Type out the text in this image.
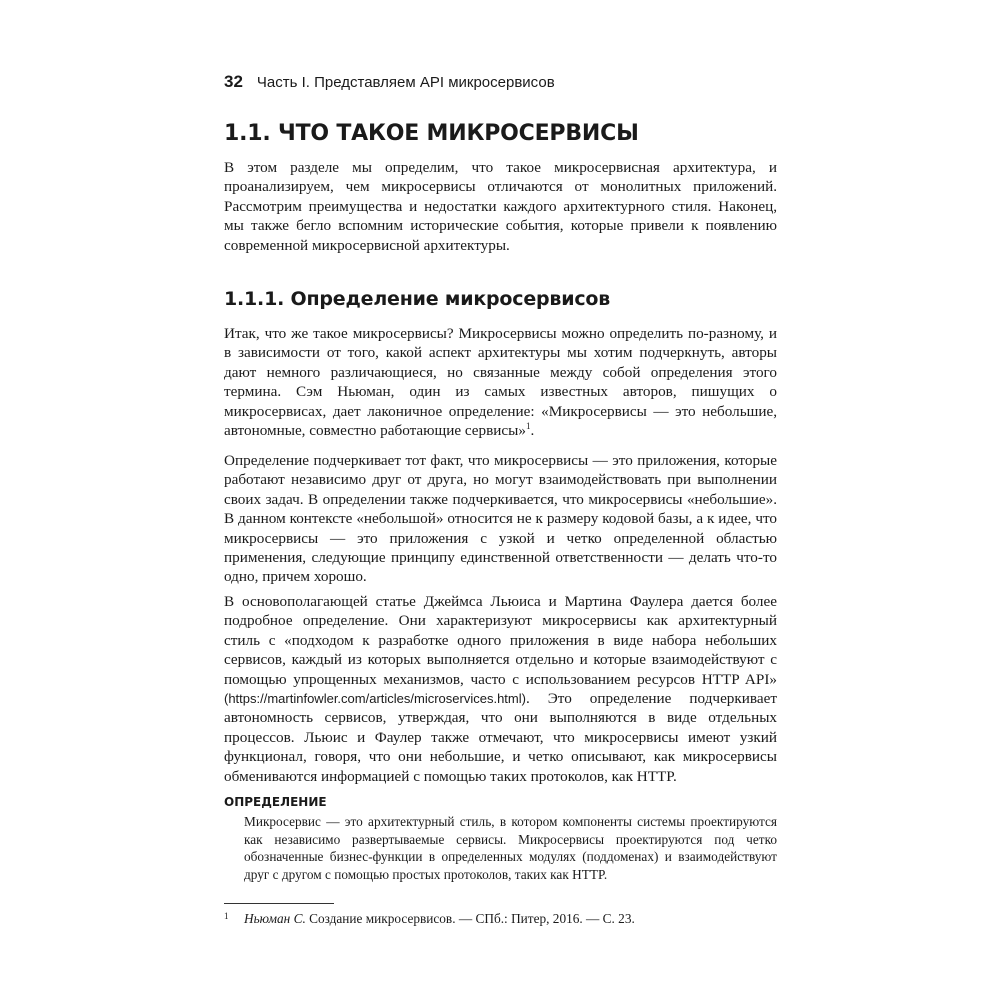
32 Часть I. Представляем API микросервисов
1.1. ЧТО ТАКОЕ МИКРОСЕРВИСЫ

В этом разделе мы определим, что такое микросервисная архитектура, и проанализируем, чем микросервисы отличаются от монолитных приложений. Рассмотрим преимущества и недостатки каждого архитектурного стиля. Наконец, мы также бегло вспомним исторические события, которые привели к появлению современной микросервисной архитектуры.

1.1.1. Определение микросервисов

Итак, что же такое микросервисы? Микросервисы можно определить по-разному, и в зависимости от того, какой аспект архитектуры мы хотим подчеркнуть, авторы дают немного различающиеся, но связанные между собой определения этого термина. Сэм Ньюман, один из самых известных авторов, пишущих о микросервисах, дает лаконичное определение: «Микросервисы — это небольшие, автономные, совместно работающие сервисы»$^1$.

Определение подчеркивает тот факт, что микросервисы — это приложения, которые работают независимо друг от друга, но могут взаимодействовать при выполнении своих задач. В определении также подчеркивается, что микросервисы «небольшие». В данном контексте «небольшой» относится не к размеру кодовой базы, а к идее, что микросервисы — это приложения с узкой и четко определенной областью применения, следующие принципу единственной ответственности — делать что-то одно, причем хорошо.

В основополагающей статье Джеймса Льюиса и Мартина Фаулера дается более подробное определение. Они характеризуют микросервисы как архитектурный стиль с «подходом к разработке одного приложения в виде набора небольших сервисов, каждый из которых выполняется отдельно и которые взаимодействуют с помощью упрощенных механизмов, часто с использованием ресурсов HTTP API» (https://martinfowler.com/articles/microservices.html). Это определение подчеркивает автономность сервисов, утверждая, что они выполняются в виде отдельных процессов. Льюис и Фаулер также отмечают, что микросервисы имеют узкий функционал, говоря, что они небольшие, и четко описывают, как микросервисы обмениваются информацией с помощью таких протоколов, как HTTP.

ОПРЕДЕЛЕНИЕ

Микросервис — это архитектурный стиль, в котором компоненты системы проектируются как независимо развертываемые сервисы. Микросервисы проектируются под четко обозначенные бизнес-функции в определенных модулях (поддоменах) и взаимодействуют друг с другом с помощью простых протоколов, таких как HTTP.

1 Ньюман С. Создание микросервисов. — СПб.: Питер, 2016. — С. 23.
